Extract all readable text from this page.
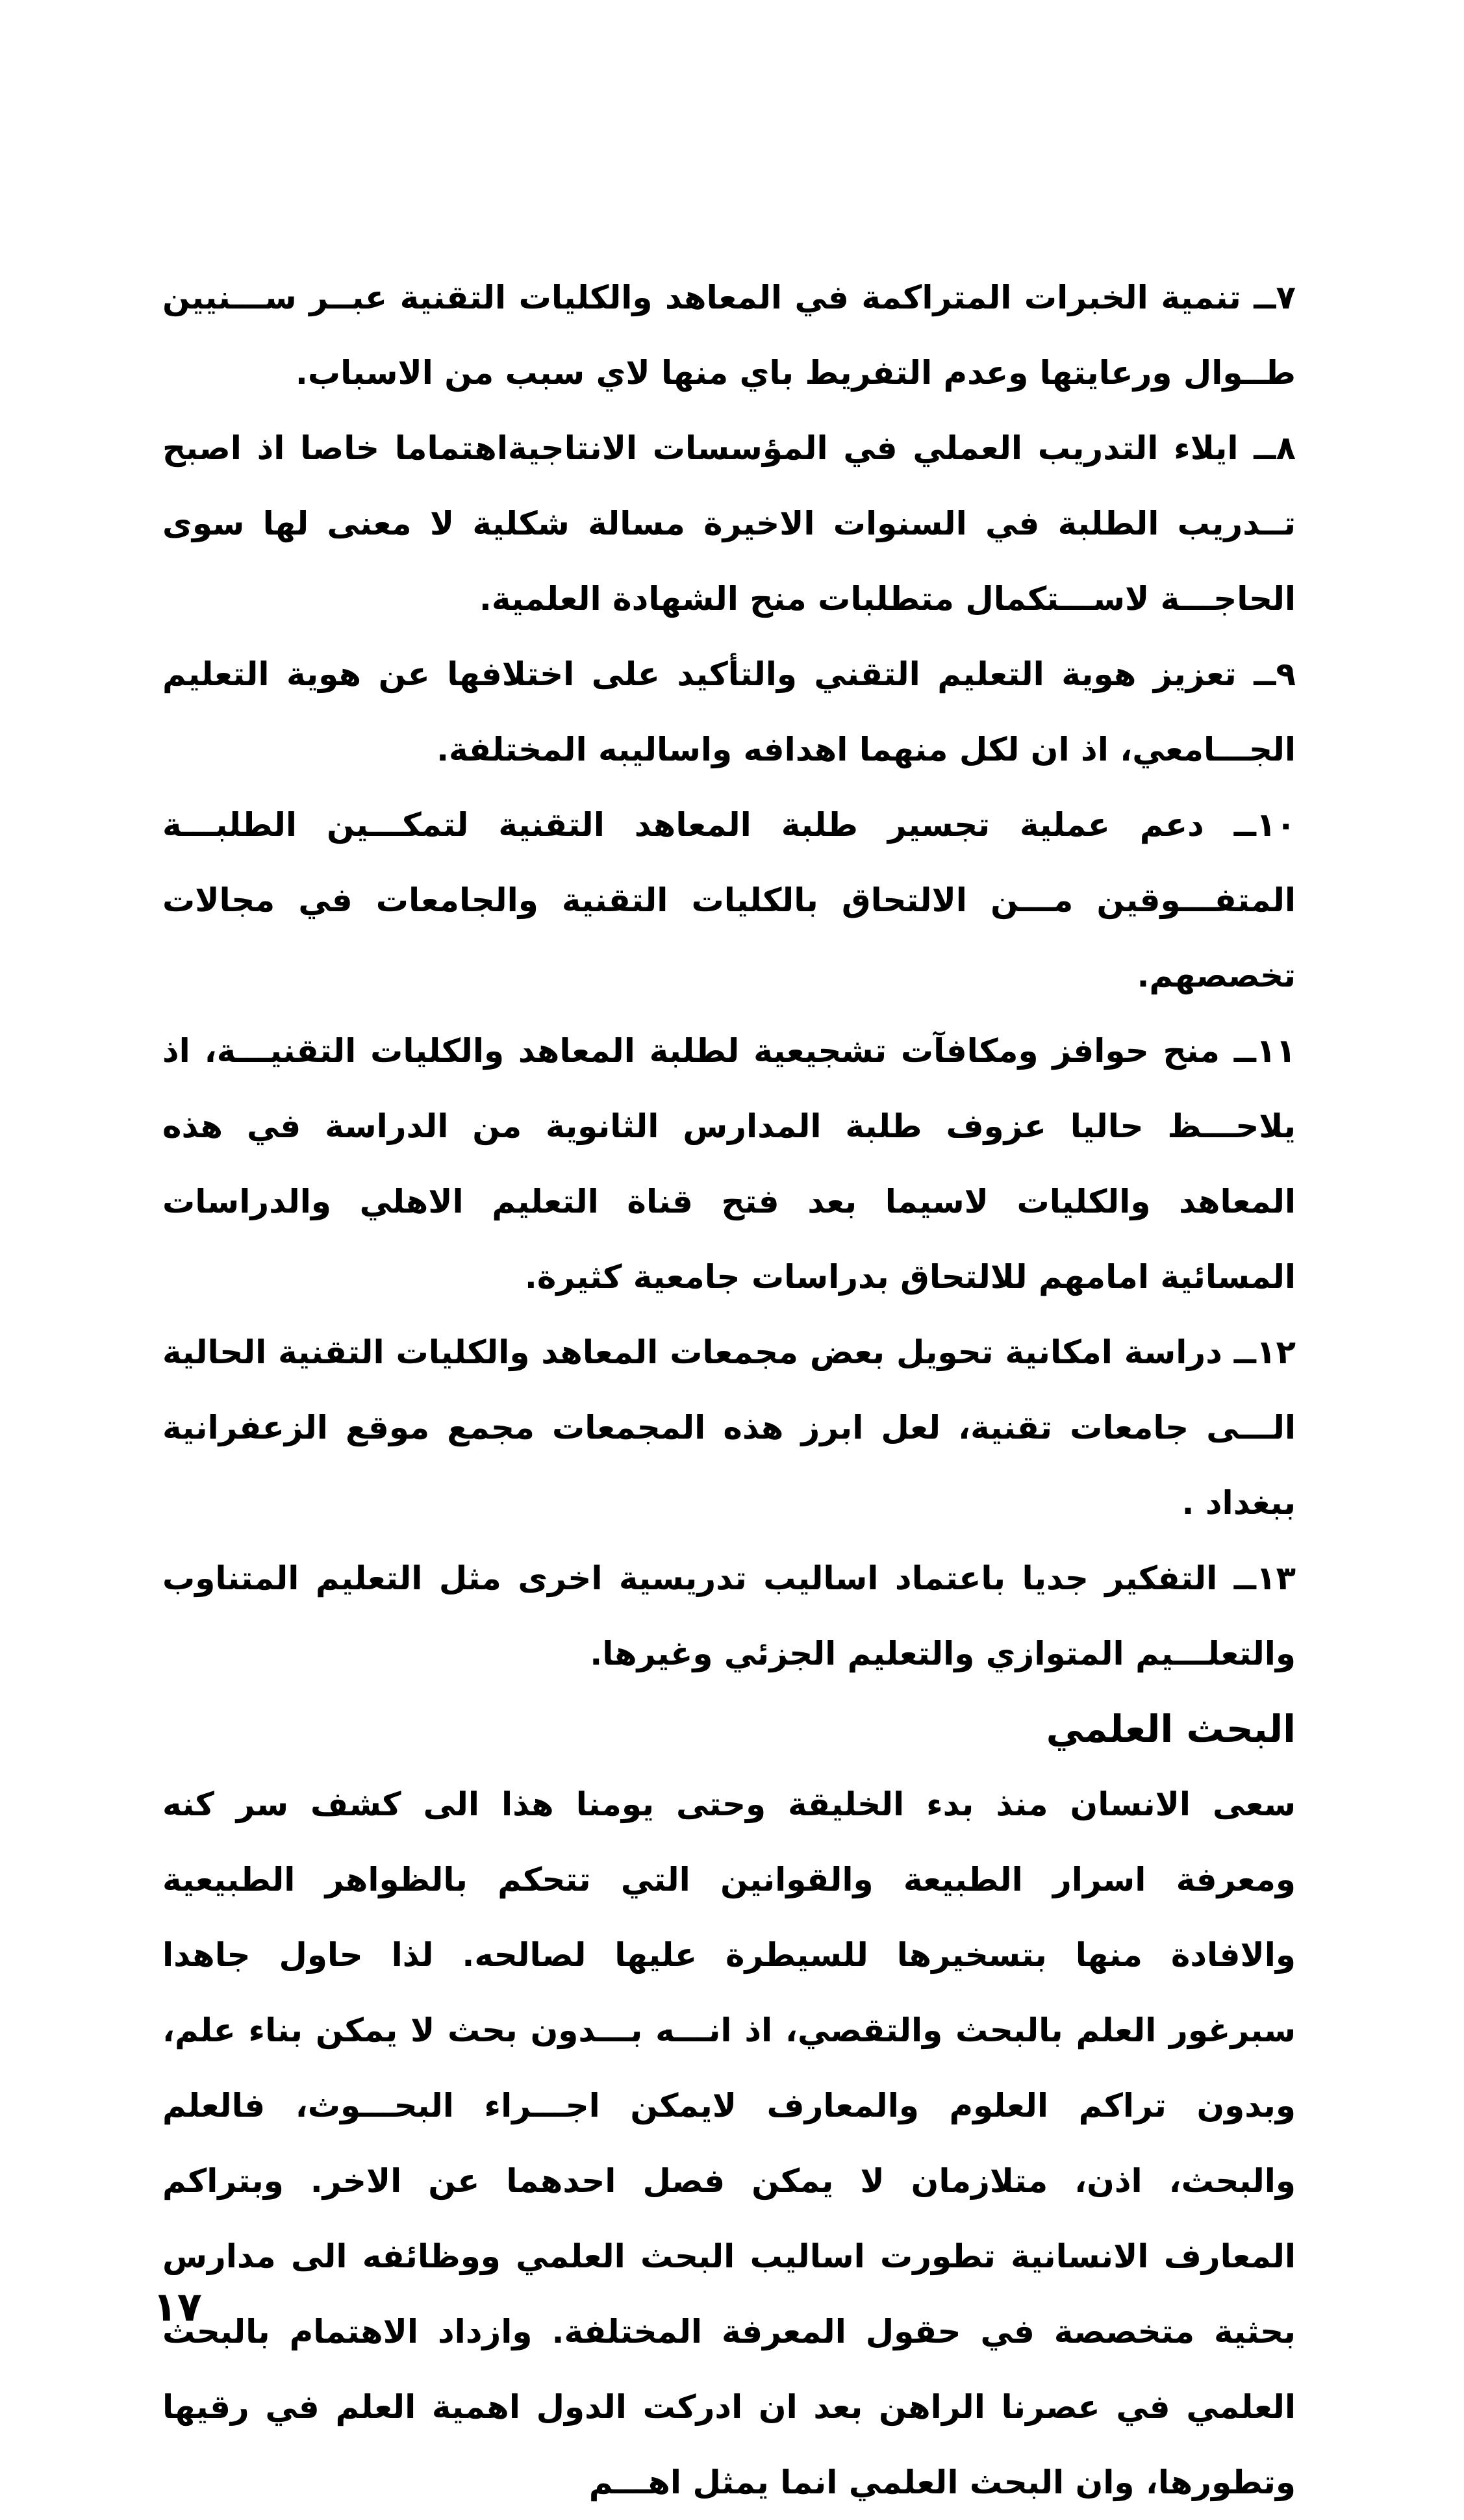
٧ــ تنمية الخبرات المتراكمة في المعاهد والكليات التقنية عبــر ســـنيين طــوال ورعايتها وعدم التفريط باي منها لاي سبب من الاسباب.

٨ــ ايلاء التدريب العملي في المؤسسات الانتاجيةاهتماما خاصا اذ اصبح تــدريب الطلبة في السنوات الاخيرة مسالة شكلية لا معنى لها سوى الحاجـــة لاســـتكمال متطلبات منح الشهادة العلمية.

٩ــ تعزيز هوية التعليم التقني والتأكيد على اختلافها عن هوية التعليم الجـــامعي، اذ ان لكل منهما اهدافه واساليبه المختلفة.

١٠ــ دعم عملية تجسير طلبة المعاهد التقنية لتمكـــين الطلبـــة المتفـــوقين مـــن الالتحاق بالكليات التقنية والجامعات في مجالات تخصصهم.

١١ــ منح حوافز ومكافآت تشجيعية لطلبة المعاهد والكليات التقنيـــة، اذ يلاحـــظ حاليا عزوف طلبة المدارس الثانوية من الدراسة في هذه المعاهد والكليات لاسيما بعد فتح قناة التعليم الاهلي والدراسات المسائية امامهم للالتحاق بدراسات جامعية كثيرة.

١٢ــ دراسة امكانية تحويل بعض مجمعات المعاهد والكليات التقنية الحالية الـــى جامعات تقنية، لعل ابرز هذه المجمعات مجمع موقع الزعفرانية ببغداد .

١٣ــ التفكير جديا باعتماد اساليب تدريسية اخرى مثل التعليم المتناوب والتعلـــيم المتوازي والتعليم الجزئي وغيرها.

البحث العلمي

سعى الانسان منذ بدء الخليقة وحتى يومنا هذا الى كشف سر كنه ومعرفة اسرار الطبيعة والقوانين التي تتحكم بالظواهر الطبيعية والافادة منها بتسخيرها للسيطرة عليها لصالحه. لذا حاول جاهدا سبرغور العلم بالبحث والتقصي، اذ انـــه بـــدون بحث لا يمكن بناء علم، وبدون تراكم العلوم والمعارف لايمكن اجـــراء البحـــوث، فالعلم والبحث، اذن، متلازمان لا يمكن فصل احدهما عن الاخر. وبتراكم المعارف الانسانية تطورت اساليب البحث العلمي ووظائفه الى مدارس بحثية متخصصة في حقول المعرفة المختلفة. وازداد الاهتمام بالبحث العلمي في عصرنا الراهن بعد ان ادركت الدول اهمية العلم في رقيها وتطورها، وان البحث العلمي انما يمثل اهـــم

١٧
